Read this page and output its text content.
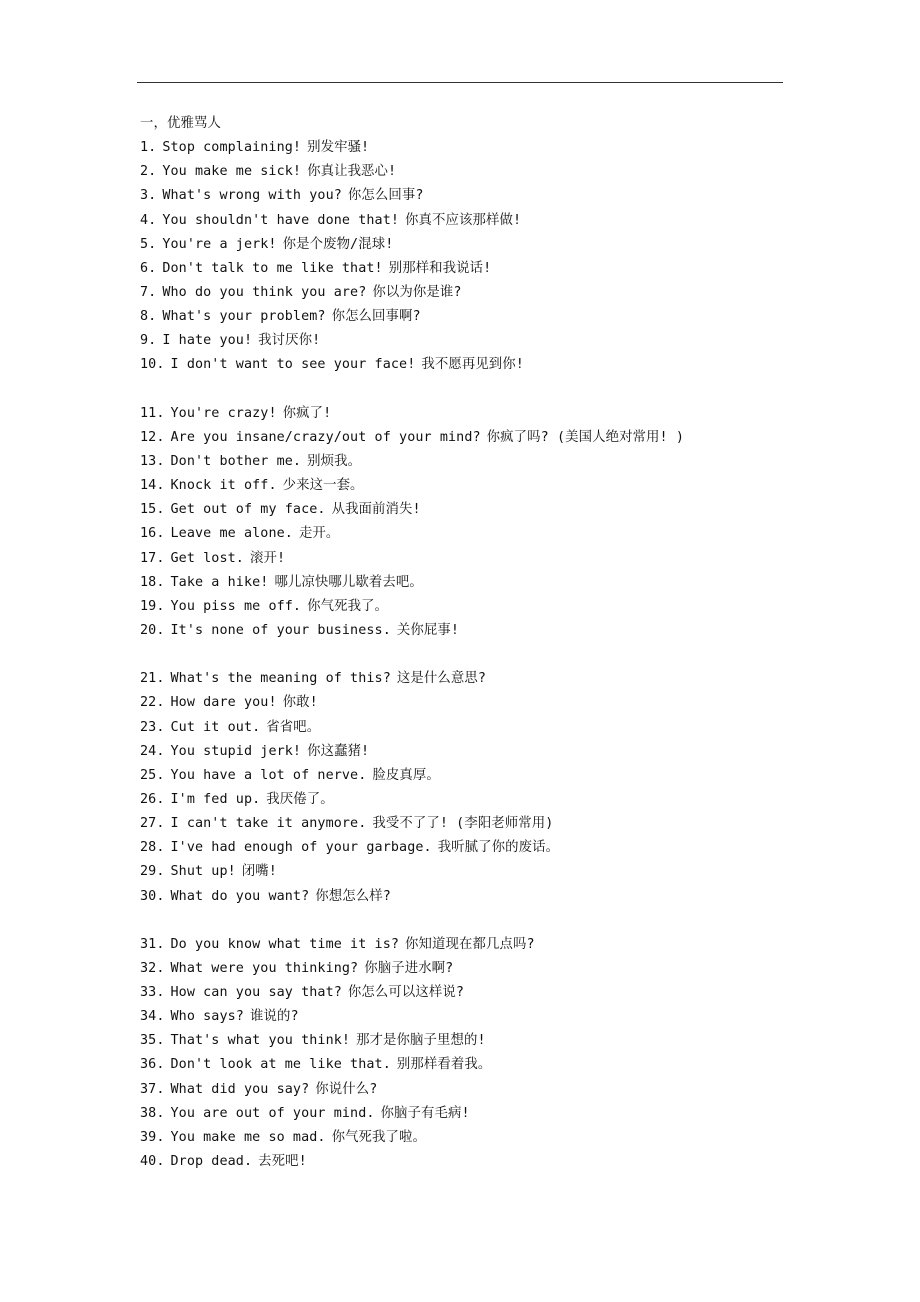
一，优雅骂人
1. Stop complaining! 别发牢骚!
2. You make me sick! 你真让我恶心!
3. What's wrong with you? 你怎么回事?
4. You shouldn't have done that! 你真不应该那样做!
5. You're a jerk! 你是个废物/混球!
6. Don't talk to me like that! 别那样和我说话!
7. Who do you think you are? 你以为你是谁?
8. What's your problem? 你怎么回事啊?
9. I hate you! 我讨厌你!
10. I don't want to see your face! 我不愿再见到你!
11. You're crazy! 你疯了!
12. Are you insane/crazy/out of your mind? 你疯了吗? (美国人绝对常用! )
13. Don't bother me. 别烦我。
14. Knock it off. 少来这一套。
15. Get out of my face. 从我面前消失!
16. Leave me alone. 走开。
17. Get lost. 滚开!
18. Take a hike! 哪儿凉快哪儿歇着去吧。
19. You piss me off. 你气死我了。
20. It's none of your business. 关你屁事!
21. What's the meaning of this? 这是什么意思?
22. How dare you! 你敢!
23. Cut it out. 省省吧。
24. You stupid jerk! 你这蠢猪!
25. You have a lot of nerve. 脸皮真厚。
26. I'm fed up. 我厌倦了。
27. I can't take it anymore. 我受不了了! (李阳老师常用)
28. I've had enough of your garbage. 我听腻了你的废话。
29. Shut up! 闭嘴!
30. What do you want? 你想怎么样?
31. Do you know what time it is? 你知道现在都几点吗?
32. What were you thinking? 你脑子进水啊?
33. How can you say that? 你怎么可以这样说?
34. Who says? 谁说的?
35. That's what you think! 那才是你脑子里想的!
36. Don't look at me like that. 别那样看着我。
37. What did you say? 你说什么?
38. You are out of your mind. 你脑子有毛病!
39. You make me so mad. 你气死我了啦。
40. Drop dead. 去死吧!
